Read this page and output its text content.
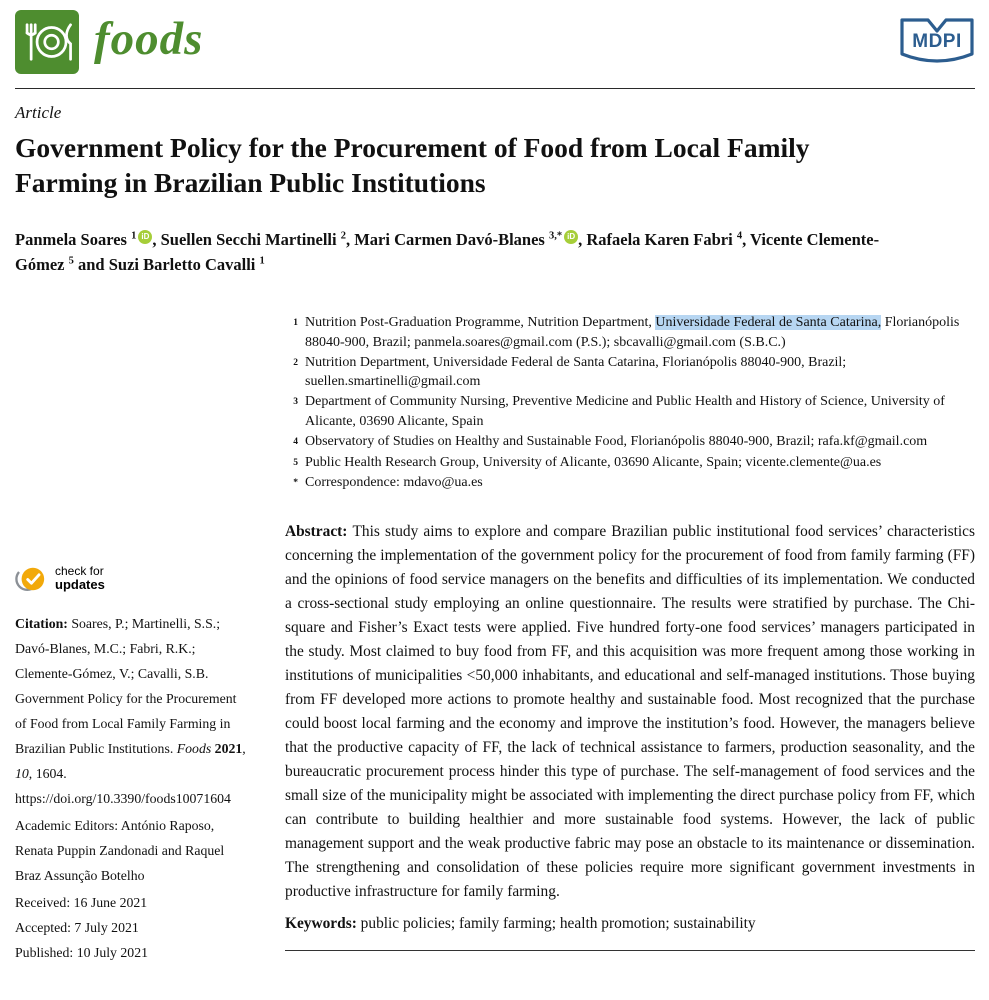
foods	MDPI
Article
Government Policy for the Procurement of Food from Local Family Farming in Brazilian Public Institutions
Panmela Soares $^1$ iD , Suellen Secchi Martinelli $^2$, Mari Carmen Davó-Blanes $^{3,*}$ iD , Rafaela Karen Fabri $^4$, Vicente Clemente-Gómez $^5$ and Suzi Barletto Cavalli $^1$
check for
updates
Citation: Soares, P.; Martinelli, S.S.; Davó-Blanes, M.C.; Fabri, R.K.; Clemente-Gómez, V.; Cavalli, S.B. Government Policy for the Procurement of Food from Local Family Farming in Brazilian Public Institutions. Foods 2021, 10, 1604. https://doi.org/10.3390/foods10071604
Academic Editors: António Raposo, Renata Puppin Zandonadi and Raquel Braz Assunção Botelho
Received: 16 June 2021
Accepted: 7 July 2021
Published: 10 July 2021
1 Nutrition Post-Graduation Programme, Nutrition Department, Universidade Federal de Santa Catarina, Florianópolis 88040-900, Brazil; panmela.soares@gmail.com (P.S.); sbcavalli@gmail.com (S.B.C.)
2 Nutrition Department, Universidade Federal de Santa Catarina, Florianópolis 88040-900, Brazil; suellen.smartinelli@gmail.com
3 Department of Community Nursing, Preventive Medicine and Public Health and History of Science, University of Alicante, 03690 Alicante, Spain
4 Observatory of Studies on Healthy and Sustainable Food, Florianópolis 88040-900, Brazil; rafa.kf@gmail.com
5 Public Health Research Group, University of Alicante, 03690 Alicante, Spain; vicente.clemente@ua.es
* Correspondence: mdavo@ua.es
Abstract: This study aims to explore and compare Brazilian public institutional food services’ characteristics concerning the implementation of the government policy for the procurement of food from family farming (FF) and the opinions of food service managers on the benefits and difficulties of its implementation. We conducted a cross-sectional study employing an online questionnaire. The results were stratified by purchase. The Chi-square and Fisher’s Exact tests were applied. Five hundred forty-one food services’ managers participated in the study. Most claimed to buy food from FF, and this acquisition was more frequent among those working in institutions of municipalities <50,000 inhabitants, and educational and self-managed institutions. Those buying from FF developed more actions to promote healthy and sustainable food. Most recognized that the purchase could boost local farming and the economy and improve the institution’s food. However, the managers believe that the productive capacity of FF, the lack of technical assistance to farmers, production seasonality, and the bureaucratic procurement process hinder this type of purchase. The self-management of food services and the small size of the municipality might be associated with implementing the direct purchase policy from FF, which can contribute to building healthier and more sustainable food systems. However, the lack of public management support and the weak productive fabric may pose an obstacle to its maintenance or dissemination. The strengthening and consolidation of these policies require more significant government investments in productive infrastructure for family farming.
Keywords: public policies; family farming; health promotion; sustainability
